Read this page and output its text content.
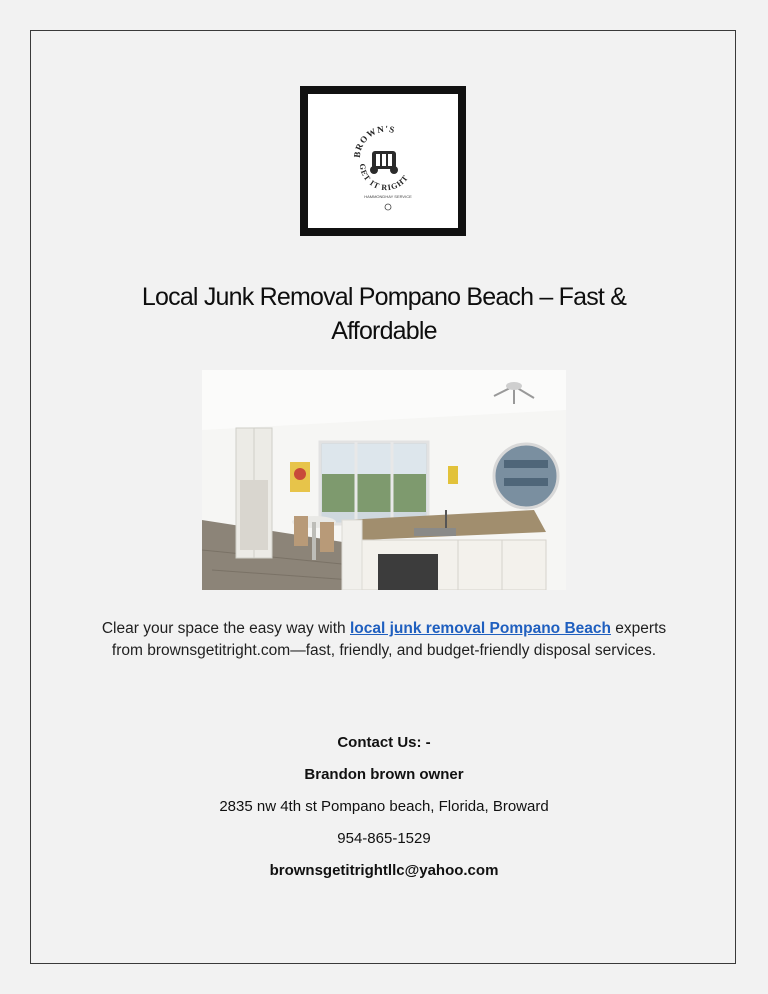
BROWN'S
GET IT RIGHT
HAMMONDHAY SERVICE
Local Junk Removal Pompano Beach – Fast &
Affordable
Clear your space the easy way with local junk removal Pompano Beach experts from brownsgetitright.com—fast, friendly, and budget-friendly disposal services.
Contact Us: -
Brandon brown owner
2835 nw 4th st Pompano beach, Florida, Broward
954-865-1529
brownsgetitrightllc@yahoo.com
